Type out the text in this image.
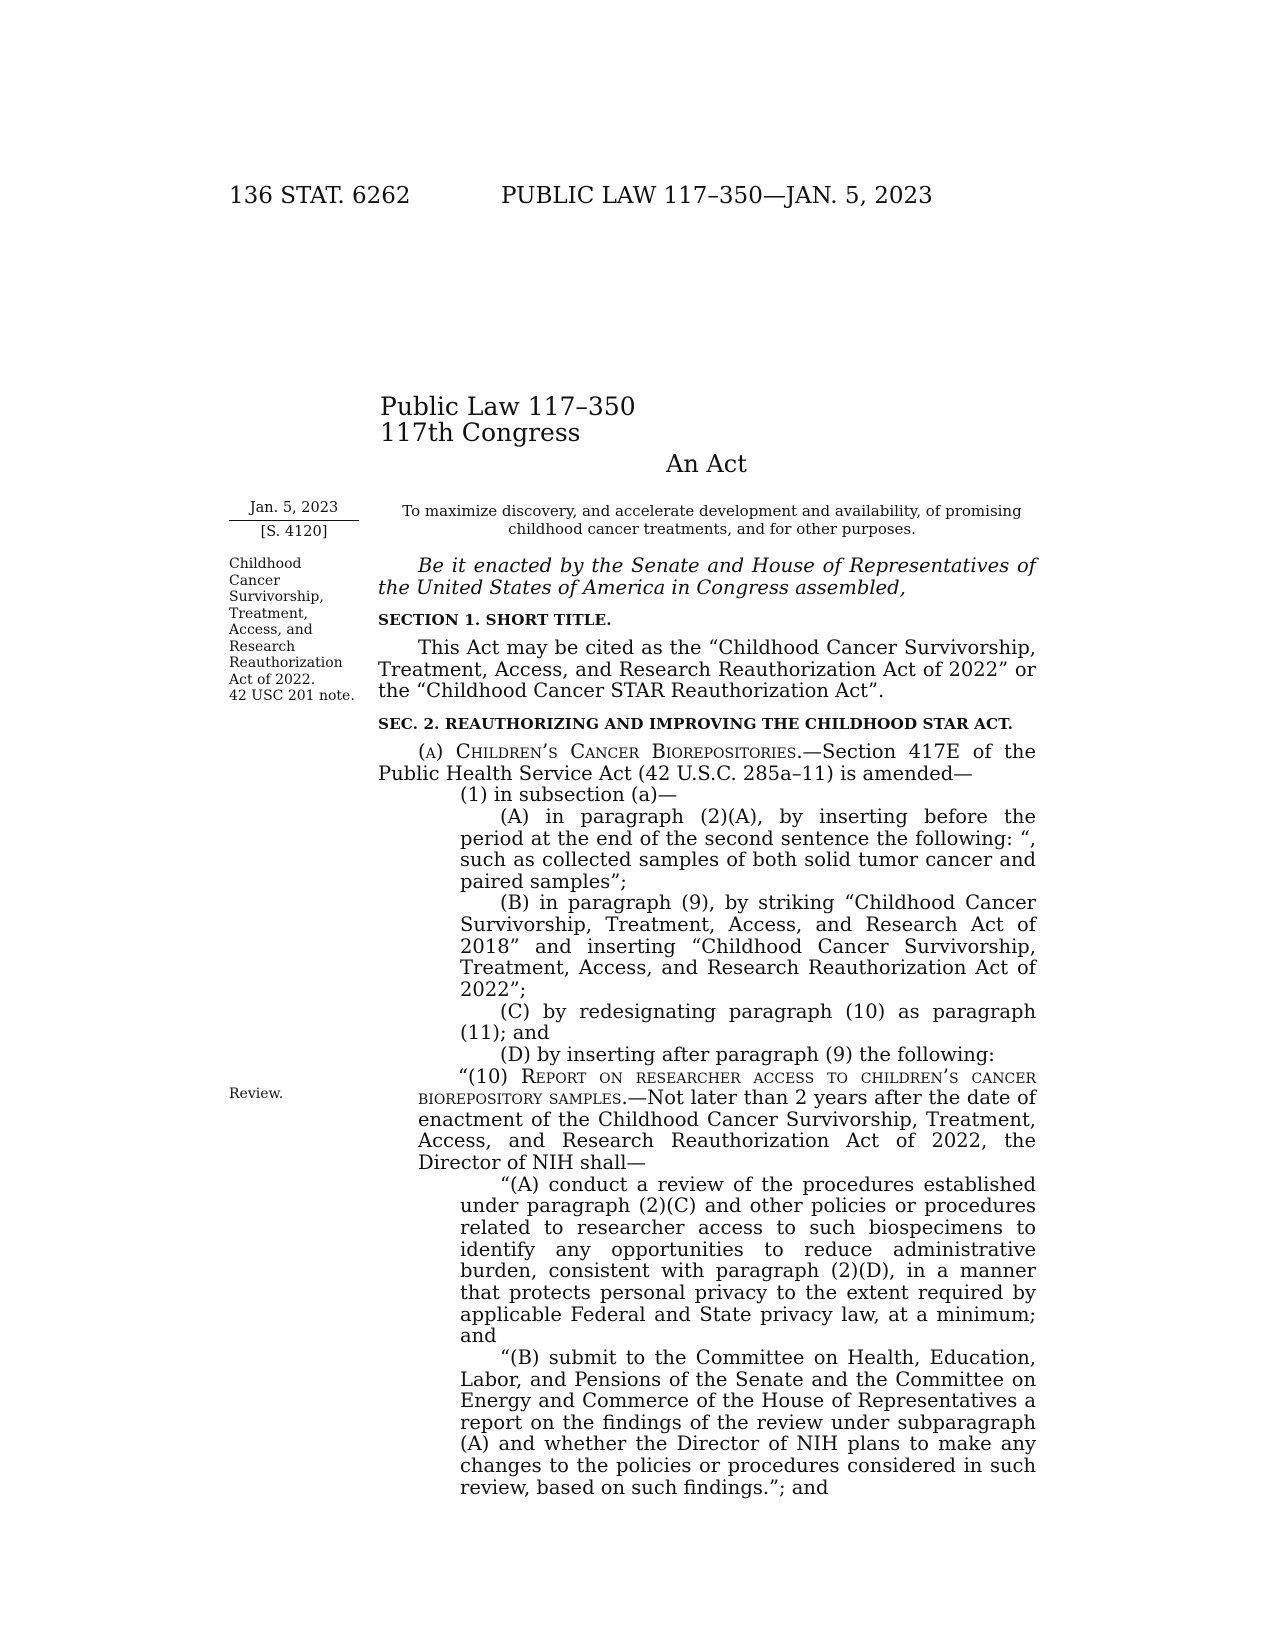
136 STAT. 6262	PUBLIC LAW 117–350—JAN. 5, 2023
Public Law 117–350
117th Congress
An Act
Jan. 5, 2023
[S. 4120]
To maximize discovery, and accelerate development and availability, of promising childhood cancer treatments, and for other purposes.
Childhood
Cancer
Survivorship,
Treatment,
Access, and
Research
Reauthorization
Act of 2022.
42 USC 201 note.
Review.

Be it enacted by the Senate and House of Representatives of the United States of America in Congress assembled,

SECTION 1. SHORT TITLE.

This Act may be cited as the “Childhood Cancer Survivorship, Treatment, Access, and Research Reauthorization Act of 2022” or the “Childhood Cancer STAR Reauthorization Act”.

SEC. 2. REAUTHORIZING AND IMPROVING THE CHILDHOOD STAR ACT.

(a) Children’s Cancer Biorepositories.—Section 417E of the Public Health Service Act (42 U.S.C. 285a–11) is amended—

(1) in subsection (a)—

(A) in paragraph (2)(A), by inserting before the period at the end of the second sentence the following: “, such as collected samples of both solid tumor cancer and paired samples”;

(B) in paragraph (9), by striking “Childhood Cancer Survivorship, Treatment, Access, and Research Act of 2018” and inserting “Childhood Cancer Survivorship, Treatment, Access, and Research Reauthorization Act of 2022”;

(C) by redesignating paragraph (10) as paragraph (11); and

(D) by inserting after paragraph (9) the following:

“(10) Report on researcher access to children’s cancer biorepository samples.—Not later than 2 years after the date of enactment of the Childhood Cancer Survivorship, Treatment, Access, and Research Reauthorization Act of 2022, the Director of NIH shall—

“(A) conduct a review of the procedures established under paragraph (2)(C) and other policies or procedures related to researcher access to such biospecimens to identify any opportunities to reduce administrative burden, consistent with paragraph (2)(D), in a manner that protects personal privacy to the extent required by applicable Federal and State privacy law, at a minimum; and

“(B) submit to the Committee on Health, Education, Labor, and Pensions of the Senate and the Committee on Energy and Commerce of the House of Representatives a report on the findings of the review under subparagraph (A) and whether the Director of NIH plans to make any changes to the policies or procedures considered in such review, based on such findings.”; and
